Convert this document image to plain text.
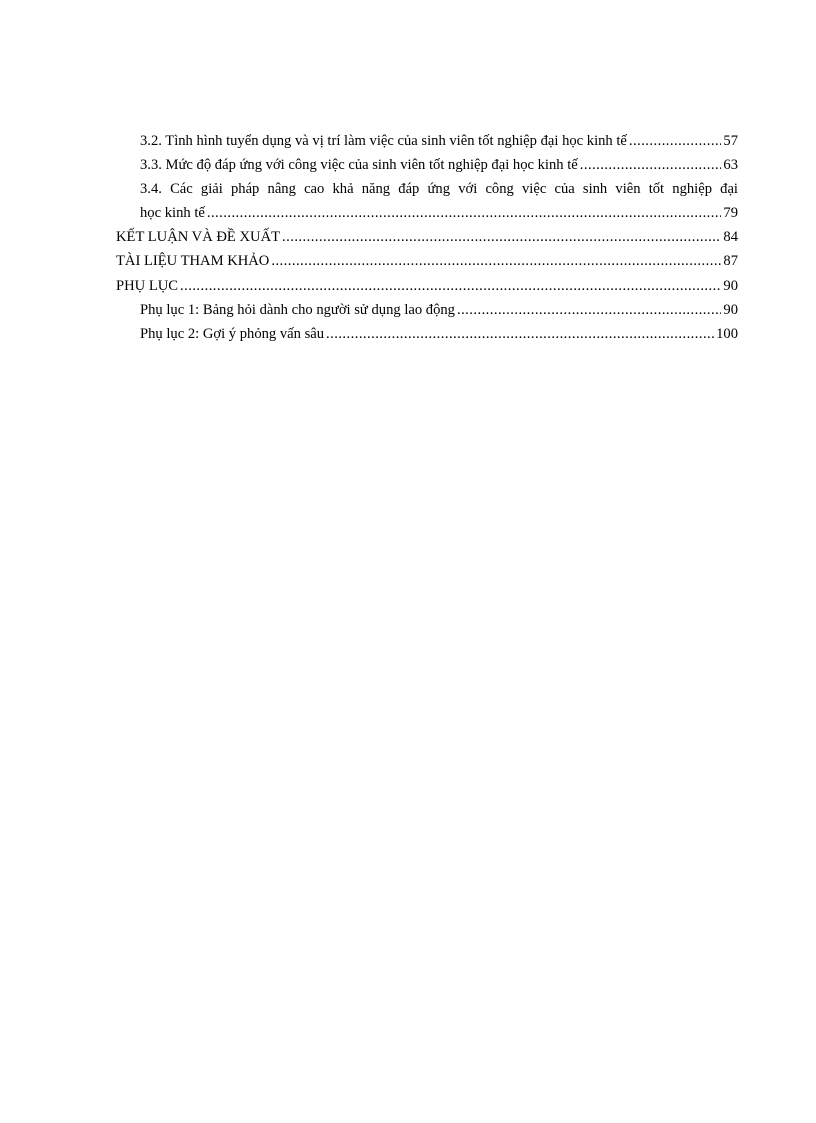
3.2. Tình hình tuyển dụng và vị trí làm việc của sinh viên tốt nghiệp đại học kinh tế . . .	57
3.3. Mức độ đáp ứng với công việc của sinh viên tốt nghiệp đại học kinh tế . . .	63
3.4. Các giải pháp nâng cao khả năng đáp ứng với công việc của sinh viên tốt nghiệp đại
học kinh tế . . .	79
KẾT LUẬN VÀ ĐỀ XUẤT . . .	84
TÀI LIỆU THAM KHẢO . . .	87
PHỤ LỤC . . .	90
Phụ lục 1: Bảng hỏi dành cho người sử dụng lao động . . .	90
Phụ lục 2: Gợi ý phỏng vấn sâu . . .	100
